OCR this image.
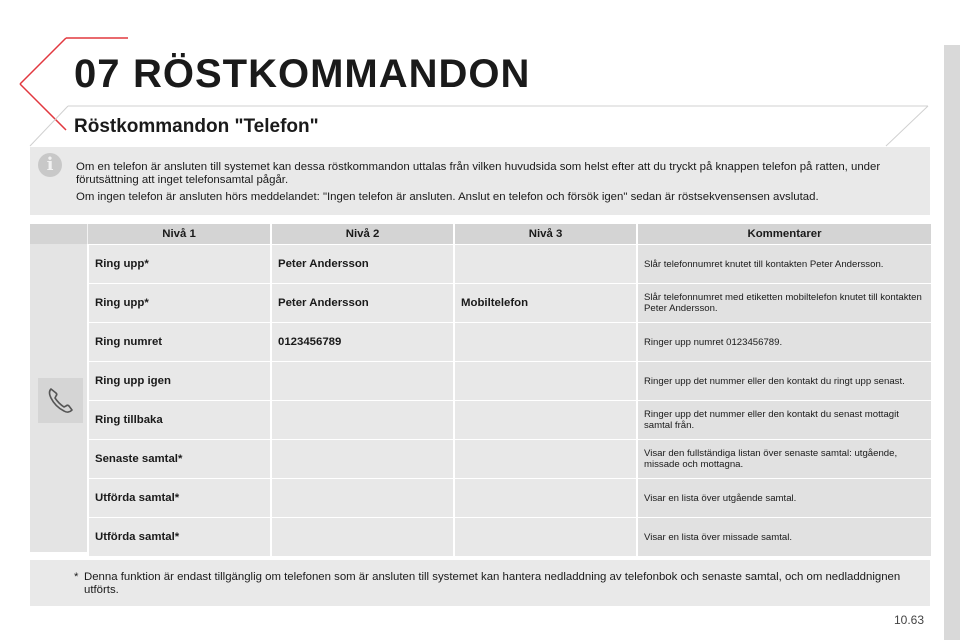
07 RÖSTKOMMANDON
Röstkommandon "Telefon"
i	Om en telefon är ansluten till systemet kan dessa röstkommandon uttalas från vilken huvudsida som helst efter att du tryckt på knappen telefon på ratten, under förutsättning att inget telefonsamtal pågår.

Om ingen telefon är ansluten hörs meddelandet: "Ingen telefon är ansluten. Anslut en telefon och försök igen" sedan är röstsekvensensen avslutad.

Nivå 1	Nivå 2	Nivå 3	Kommentarer
Ring upp*	Peter Andersson		Slår telefonnumret knutet till kontakten Peter Andersson.
Ring upp*	Peter Andersson	Mobiltelefon	Slår telefonnumret med etiketten mobiltelefon knutet till kontakten Peter Andersson.
Ring numret	0123456789		Ringer upp numret 0123456789.
Ring upp igen			Ringer upp det nummer eller den kontakt du ringt upp senast.
Ring tillbaka			Ringer upp det nummer eller den kontakt du senast mottagit samtal från.
Senaste samtal*			Visar den fullständiga listan över senaste samtal: utgående, missade och mottagna.
Utförda samtal*			Visar en lista över utgående samtal.
Utförda samtal*			Visar en lista över missade samtal.
* Denna funktion är endast tillgänglig om telefonen som är ansluten till systemet kan hantera nedladdning av telefonbok och senaste samtal, och om nedladdnignen utförts.
10.63
